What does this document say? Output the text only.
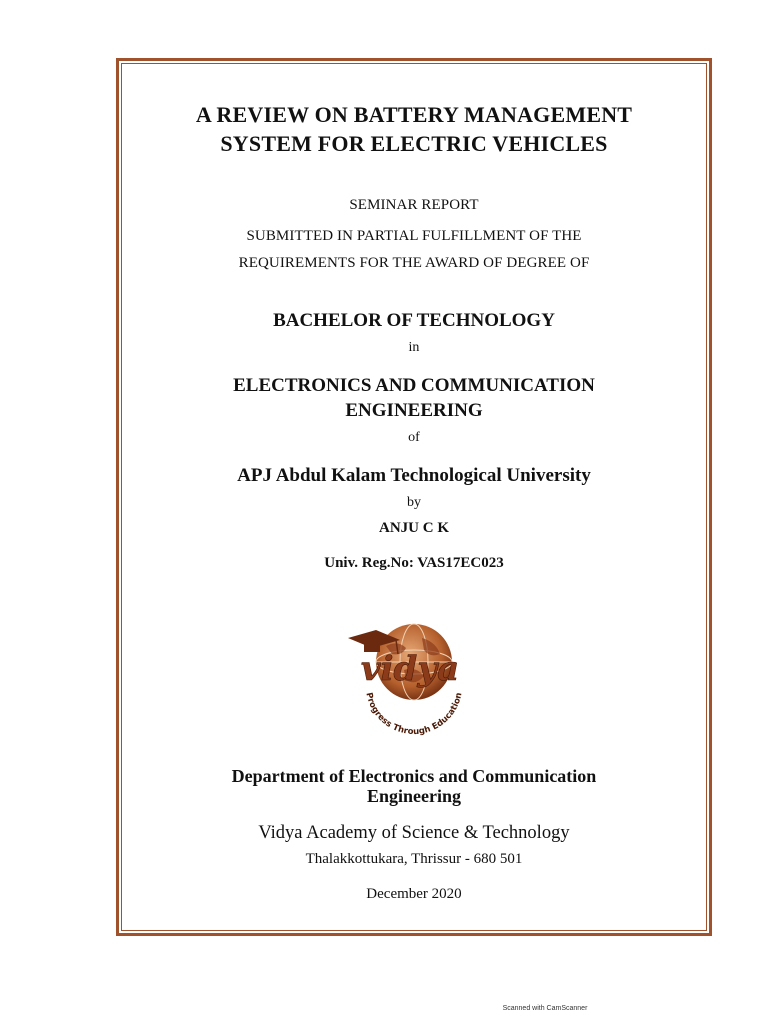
A REVIEW ON BATTERY MANAGEMENT
SYSTEM FOR ELECTRIC VEHICLES
SEMINAR REPORT
SUBMITTED IN PARTIAL FULFILLMENT OF THE
REQUIREMENTS FOR THE AWARD OF DEGREE OF
BACHELOR OF TECHNOLOGY
in
ELECTRONICS AND COMMUNICATION
ENGINEERING
of
APJ Abdul Kalam Technological University
by
ANJU C K
Univ. Reg.No: VAS17EC023
vidya
Progress Through Education
Department of Electronics and Communication
Engineering
Vidya Academy of Science & Technology
Thalakkottukara, Thrissur - 680 501
December 2020
Scanned with CamScanner
